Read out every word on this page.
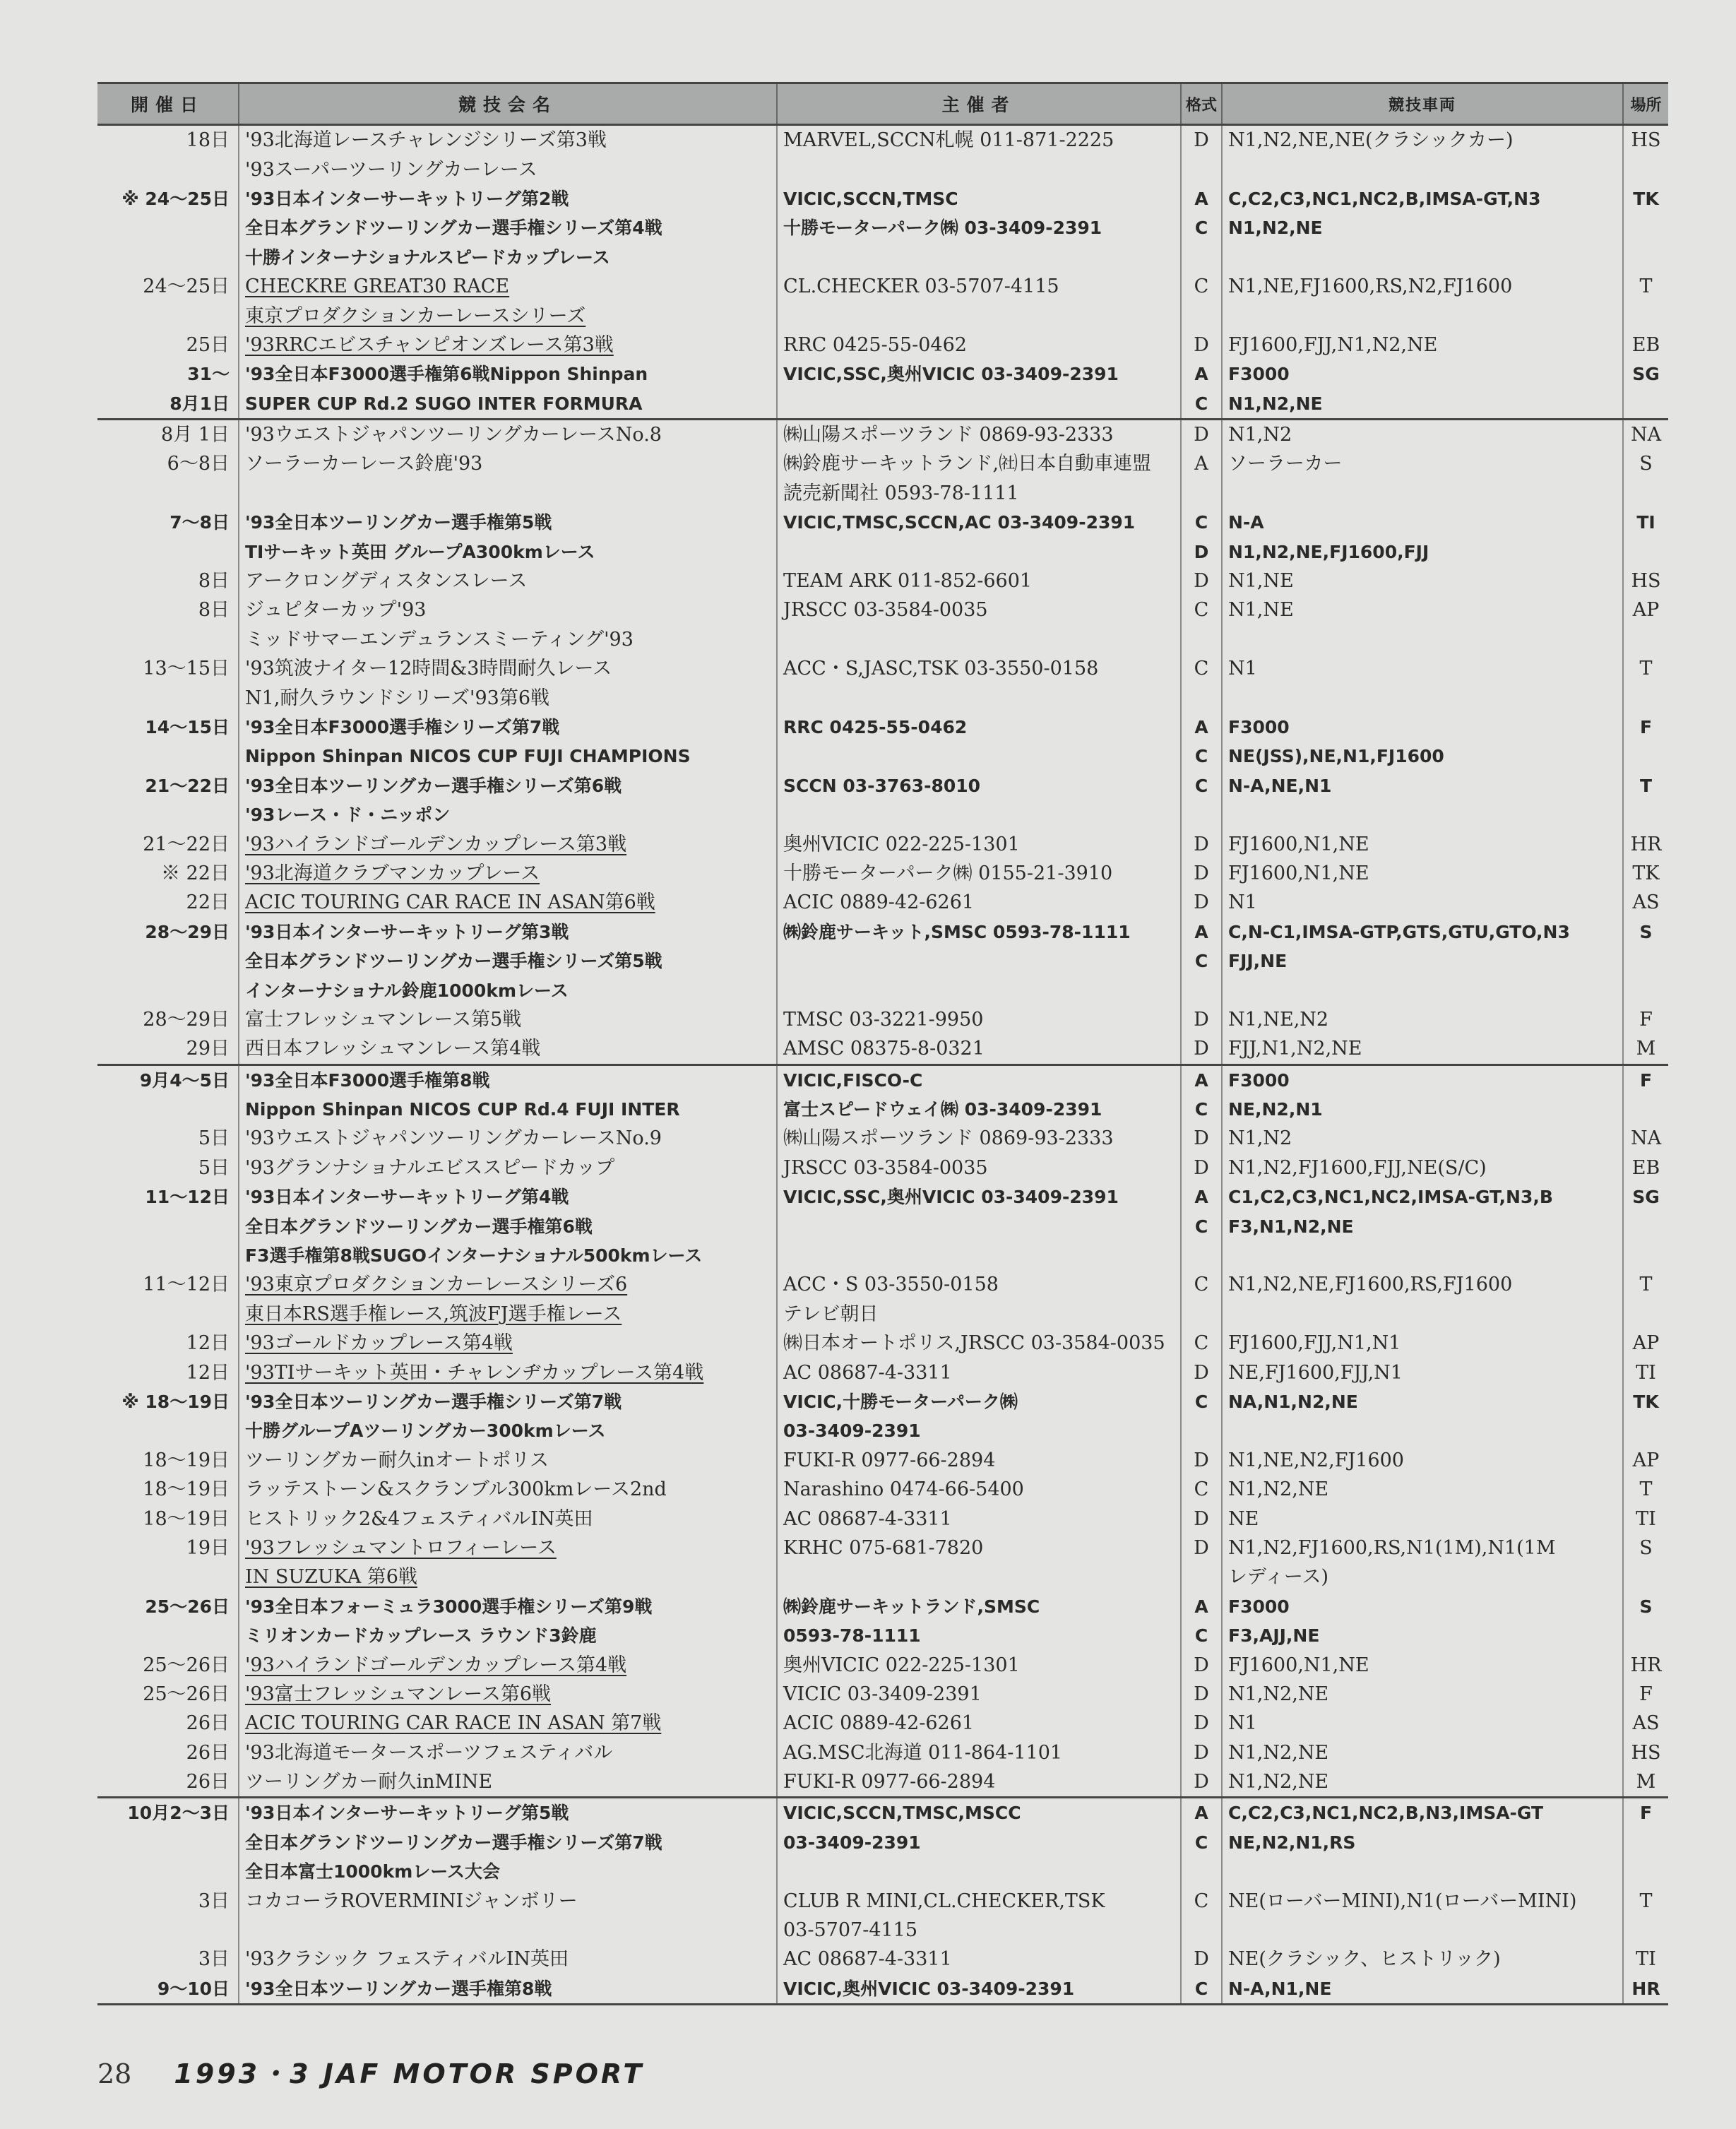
開催日	競技会名	主催者	格式	競技車両	場所
18日	'93北海道レースチャレンジシリーズ第3戦	MARVEL,SCCN札幌 011-871-2225	D	N1,N2,NE,NE(クラシックカー)	HS
	'93スーパーツーリングカーレース				
※ 24～25日	'93日本インターサーキットリーグ第2戦	VICIC,SCCN,TMSC	A	C,C2,C3,NC1,NC2,B,IMSA-GT,N3	TK
	全日本グランドツーリングカー選手権シリーズ第4戦	十勝モーターパーク㈱ 03-3409-2391	C	N1,N2,NE	
	十勝インターナショナルスピードカップレース				
24～25日	CHECKRE GREAT30 RACE	CL.CHECKER 03-5707-4115	C	N1,NE,FJ1600,RS,N2,FJ1600	T
	東京プロダクションカーレースシリーズ				
25日	'93RRCエビスチャンピオンズレース第3戦	RRC 0425-55-0462	D	FJ1600,FJJ,N1,N2,NE	EB
31～	'93全日本F3000選手権第6戦Nippon Shinpan	VICIC,SSC,奥州VICIC 03-3409-2391	A	F3000	SG
8月1日	SUPER CUP Rd.2 SUGO INTER FORMURA		C	N1,N2,NE	
8月 1日	'93ウエストジャパンツーリングカーレースNo.8	㈱山陽スポーツランド 0869-93-2333	D	N1,N2	NA
6～8日	ソーラーカーレース鈴鹿'93	㈱鈴鹿サーキットランド,㈳日本自動車連盟	A	ソーラーカー	S
		読売新聞社 0593-78-1111			
7～8日	'93全日本ツーリングカー選手権第5戦	VICIC,TMSC,SCCN,AC 03-3409-2391	C	N-A	TI
	TIサーキット英田 グループA300kmレース		D	N1,N2,NE,FJ1600,FJJ	
8日	アークロングディスタンスレース	TEAM ARK 011-852-6601	D	N1,NE	HS
8日	ジュピターカップ'93	JRSCC 03-3584-0035	C	N1,NE	AP
	ミッドサマーエンデュランスミーティング'93				
13～15日	'93筑波ナイター12時間&3時間耐久レース	ACC・S,JASC,TSK 03-3550-0158	C	N1	T
	N1,耐久ラウンドシリーズ'93第6戦				
14～15日	'93全日本F3000選手権シリーズ第7戦	RRC 0425-55-0462	A	F3000	F
	Nippon Shinpan NICOS CUP FUJI CHAMPIONS		C	NE(JSS),NE,N1,FJ1600	
21～22日	'93全日本ツーリングカー選手権シリーズ第6戦	SCCN 03-3763-8010	C	N-A,NE,N1	T
	'93レース・ド・ニッポン				
21～22日	'93ハイランドゴールデンカップレース第3戦	奥州VICIC 022-225-1301	D	FJ1600,N1,NE	HR
※ 22日	'93北海道クラブマンカップレース	十勝モーターパーク㈱ 0155-21-3910	D	FJ1600,N1,NE	TK
22日	ACIC TOURING CAR RACE IN ASAN第6戦	ACIC 0889-42-6261	D	N1	AS
28～29日	'93日本インターサーキットリーグ第3戦	㈱鈴鹿サーキット,SMSC 0593-78-1111	A	C,N-C1,IMSA-GTP,GTS,GTU,GTO,N3	S
	全日本グランドツーリングカー選手権シリーズ第5戦		C	FJJ,NE	
	インターナショナル鈴鹿1000kmレース				
28～29日	富士フレッシュマンレース第5戦	TMSC 03-3221-9950	D	N1,NE,N2	F
29日	西日本フレッシュマンレース第4戦	AMSC 08375-8-0321	D	FJJ,N1,N2,NE	M
9月4～5日	'93全日本F3000選手権第8戦	VICIC,FISCO-C	A	F3000	F
	Nippon Shinpan NICOS CUP Rd.4 FUJI INTER	富士スピードウェイ㈱ 03-3409-2391	C	NE,N2,N1	
5日	'93ウエストジャパンツーリングカーレースNo.9	㈱山陽スポーツランド 0869-93-2333	D	N1,N2	NA
5日	'93グランナショナルエビススピードカップ	JRSCC 03-3584-0035	D	N1,N2,FJ1600,FJJ,NE(S/C)	EB
11～12日	'93日本インターサーキットリーグ第4戦	VICIC,SSC,奥州VICIC 03-3409-2391	A	C1,C2,C3,NC1,NC2,IMSA-GT,N3,B	SG
	全日本グランドツーリングカー選手権第6戦		C	F3,N1,N2,NE	
	F3選手権第8戦SUGOインターナショナル500kmレース				
11～12日	'93東京プロダクションカーレースシリーズ6	ACC・S 03-3550-0158	C	N1,N2,NE,FJ1600,RS,FJ1600	T
	東日本RS選手権レース,筑波FJ選手権レース	テレビ朝日			
12日	'93ゴールドカップレース第4戦	㈱日本オートポリス,JRSCC 03-3584-0035	C	FJ1600,FJJ,N1,N1	AP
12日	'93TIサーキット英田・チャレンヂカップレース第4戦	AC 08687-4-3311	D	NE,FJ1600,FJJ,N1	TI
※ 18～19日	'93全日本ツーリングカー選手権シリーズ第7戦	VICIC,十勝モーターパーク㈱	C	NA,N1,N2,NE	TK
	十勝グループAツーリングカー300kmレース	03-3409-2391			
18～19日	ツーリングカー耐久inオートポリス	FUKI-R 0977-66-2894	D	N1,NE,N2,FJ1600	AP
18～19日	ラッテストーン&スクランブル300kmレース2nd	Narashino 0474-66-5400	C	N1,N2,NE	T
18～19日	ヒストリック2&4フェスティバルIN英田	AC 08687-4-3311	D	NE	TI
19日	'93フレッシュマントロフィーレース	KRHC 075-681-7820	D	N1,N2,FJ1600,RS,N1(1M),N1(1M	S
	IN SUZUKA 第6戦			レディース)	
25～26日	'93全日本フォーミュラ3000選手権シリーズ第9戦	㈱鈴鹿サーキットランド,SMSC	A	F3000	S
	ミリオンカードカップレース ラウンド3鈴鹿	0593-78-1111	C	F3,AJJ,NE	
25～26日	'93ハイランドゴールデンカップレース第4戦	奥州VICIC 022-225-1301	D	FJ1600,N1,NE	HR
25～26日	'93富士フレッシュマンレース第6戦	VICIC 03-3409-2391	D	N1,N2,NE	F
26日	ACIC TOURING CAR RACE IN ASAN 第7戦	ACIC 0889-42-6261	D	N1	AS
26日	'93北海道モータースポーツフェスティバル	AG.MSC北海道 011-864-1101	D	N1,N2,NE	HS
26日	ツーリングカー耐久inMINE	FUKI-R 0977-66-2894	D	N1,N2,NE	M
10月2～3日	'93日本インターサーキットリーグ第5戦	VICIC,SCCN,TMSC,MSCC	A	C,C2,C3,NC1,NC2,B,N3,IMSA-GT	F
	全日本グランドツーリングカー選手権シリーズ第7戦	03-3409-2391	C	NE,N2,N1,RS	
	全日本富士1000kmレース大会				
3日	コカコーラROVERMINIジャンボリー	CLUB R MINI,CL.CHECKER,TSK	C	NE(ローバーMINI),N1(ローバーMINI)	T
		03-5707-4115			
3日	'93クラシック フェスティバルIN英田	AC 08687-4-3311	D	NE(クラシック、ヒストリック)	TI
9～10日	'93全日本ツーリングカー選手権第8戦	VICIC,奥州VICIC 03-3409-2391	C	N-A,N1,NE	HR
28 1993・3 JAF MOTOR SPORT
